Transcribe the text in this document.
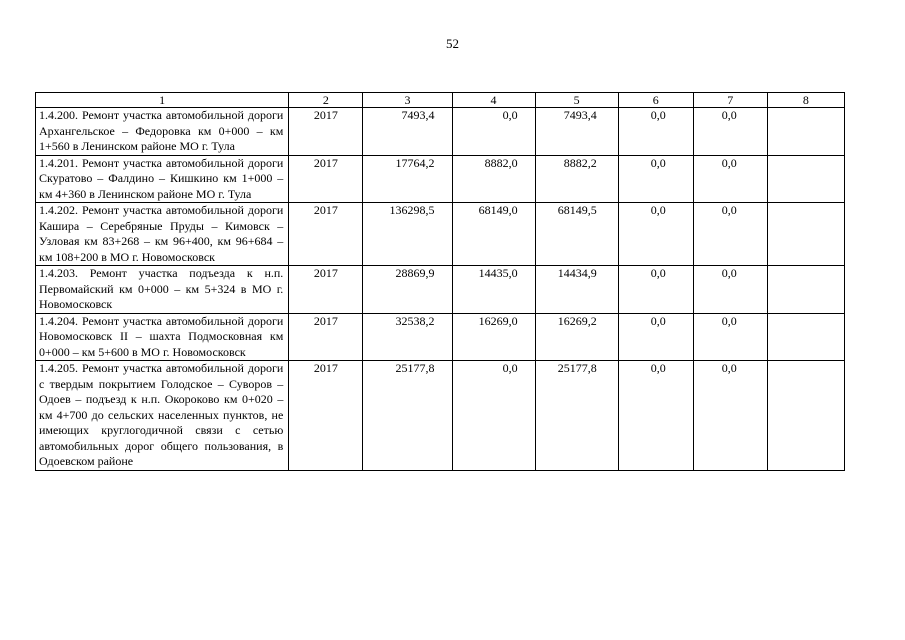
52
1	2	3	4	5	6	7	8
1.4.200. Ремонт участка автомобильной дороги Архангельское – Федоровка км 0+000 – км 1+560 в Ленинском районе МО г. Тула	2017	7493,4	0,0	7493,4	0,0	0,0	
1.4.201. Ремонт участка автомобильной дороги Скуратово – Фалдино – Кишкино км 1+000 – км 4+360 в Ленинском районе МО г. Тула	2017	17764,2	8882,0	8882,2	0,0	0,0	
1.4.202. Ремонт участка автомобильной дороги Кашира – Серебряные Пруды – Кимовск – Узловая км 83+268 – км 96+400, км 96+684 – км 108+200 в МО г. Новомосковск	2017	136298,5	68149,0	68149,5	0,0	0,0	
1.4.203. Ремонт участка подъезда к н.п. Первомайский км 0+000 – км 5+324 в МО г. Новомосковск	2017	28869,9	14435,0	14434,9	0,0	0,0	
1.4.204. Ремонт участка автомобильной дороги Новомосковск II – шахта Подмосковная км 0+000 – км 5+600 в МО г. Новомосковск	2017	32538,2	16269,0	16269,2	0,0	0,0	
1.4.205. Ремонт участка автомобильной дороги с твердым покрытием Голодское – Суворов – Одоев – подъезд к н.п. Окороково км 0+020 – км 4+700 до сельских населенных пунктов, не имеющих круглогодичной связи с сетью автомобильных дорог общего пользования, в Одоевском районе	2017	25177,8	0,0	25177,8	0,0	0,0	
